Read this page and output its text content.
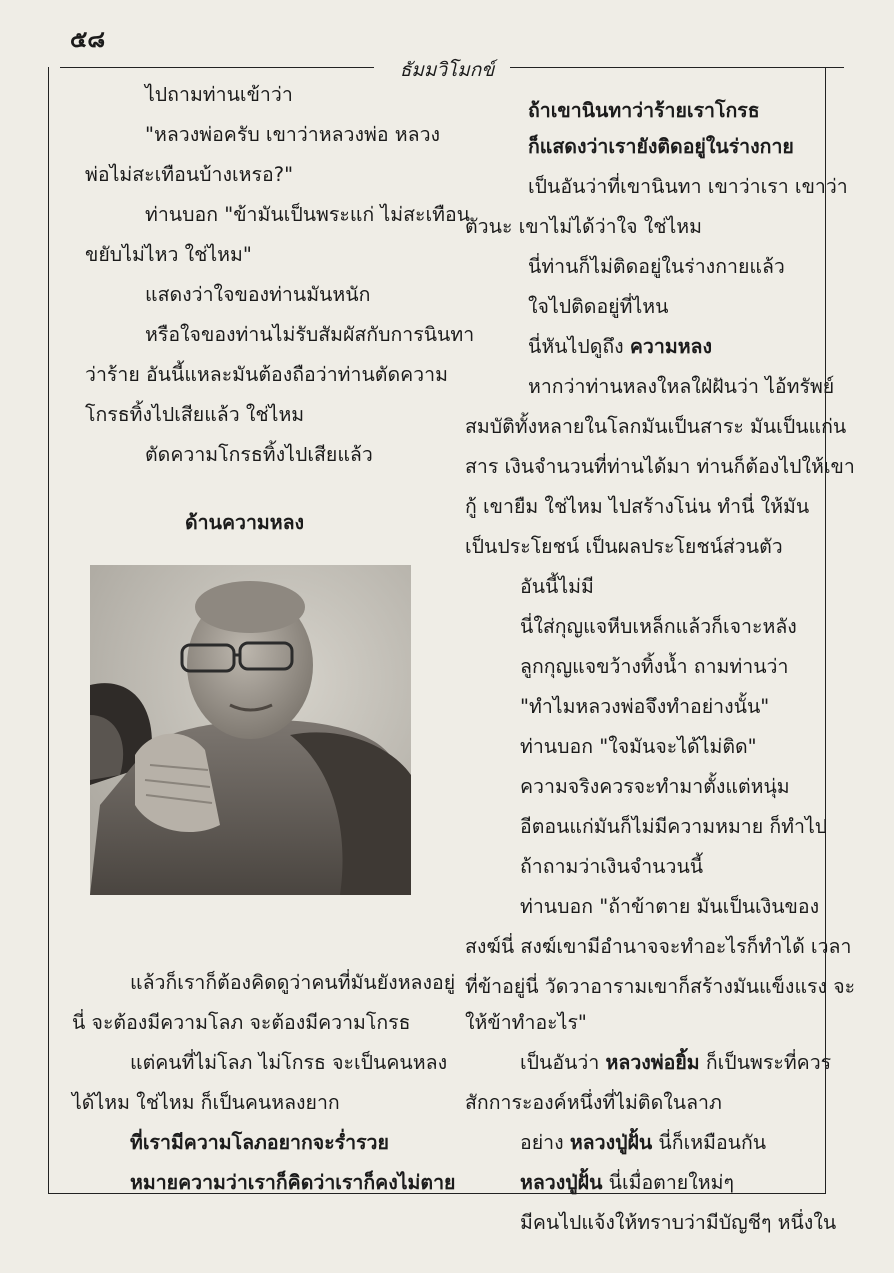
๕๘
ธัมมวิโมกข์
ไปถามท่านเข้าว่า
"หลวงพ่อครับ เขาว่าหลวงพ่อ หลวง
พ่อไม่สะเทือนบ้างเหรอ?"
ท่านบอก "ข้ามันเป็นพระแก่ ไม่สะเทือน
ขยับไม่ไหว ใช่ไหม"
แสดงว่าใจของท่านมันหนัก
หรือใจของท่านไม่รับสัมผัสกับการนินทา
ว่าร้าย อันนี้แหละมันต้องถือว่าท่านตัดความ
โกรธทิ้งไปเสียแล้ว ใช่ไหม
ตัดความโกรธทิ้งไปเสียแล้ว
ด้านความหลง
แล้วก็เราก็ต้องคิดดูว่าคนที่มันยังหลงอยู่
นี่ จะต้องมีความโลภ จะต้องมีความโกรธ
แต่คนที่ไม่โลภ ไม่โกรธ จะเป็นคนหลง
ได้ไหม ใช่ไหม ก็เป็นคนหลงยาก
ที่เรามีความโลภอยากจะร่ำรวย
หมายความว่าเราก็คิดว่าเราก็คงไม่ตาย
ถ้าเขานินทาว่าร้ายเราโกรธ
ก็แสดงว่าเรายังติดอยู่ในร่างกาย
เป็นอันว่าที่เขานินทา เขาว่าเรา เขาว่า
ตัวนะ เขาไม่ได้ว่าใจ ใช่ไหม
นี่ท่านก็ไม่ติดอยู่ในร่างกายแล้ว
ใจไปติดอยู่ที่ไหน
นี่หันไปดูถึง ความหลง
หากว่าท่านหลงใหลใฝ่ฝันว่า ไอ้ทรัพย์
สมบัติทั้งหลายในโลกมันเป็นสาระ มันเป็นแก่น
สาร เงินจำนวนที่ท่านได้มา ท่านก็ต้องไปให้เขา
กู้ เขายืม ใช่ไหม ไปสร้างโน่น ทำนี่ ให้มัน
เป็นประโยชน์ เป็นผลประโยชน์ส่วนตัว
อันนี้ไม่มี
นี่ใส่กุญแจหีบเหล็กแล้วก็เจาะหลัง
ลูกกุญแจขว้างทิ้งน้ำ ถามท่านว่า
"ทำไมหลวงพ่อจึงทำอย่างนั้น"
ท่านบอก "ใจมันจะได้ไม่ติด"
ความจริงควรจะทำมาตั้งแต่หนุ่ม
อีตอนแก่มันก็ไม่มีความหมาย ก็ทำไป
ถ้าถามว่าเงินจำนวนนี้
ท่านบอก "ถ้าข้าตาย มันเป็นเงินของ
สงฆ์นี่ สงฆ์เขามีอำนาจจะทำอะไรก็ทำได้ เวลา
ที่ข้าอยู่นี่ วัดวาอารามเขาก็สร้างมันแข็งแรง จะ
ให้ข้าทำอะไร"
เป็นอันว่า หลวงพ่อยิ้ม ก็เป็นพระที่ควร
สักการะองค์หนึ่งที่ไม่ติดในลาภ
อย่าง หลวงปู่ฝั้น นี่ก็เหมือนกัน
หลวงปู่ฝั้น นี่เมื่อตายใหม่ๆ
มีคนไปแจ้งให้ทราบว่ามีบัญชีๆ หนึ่งใน
